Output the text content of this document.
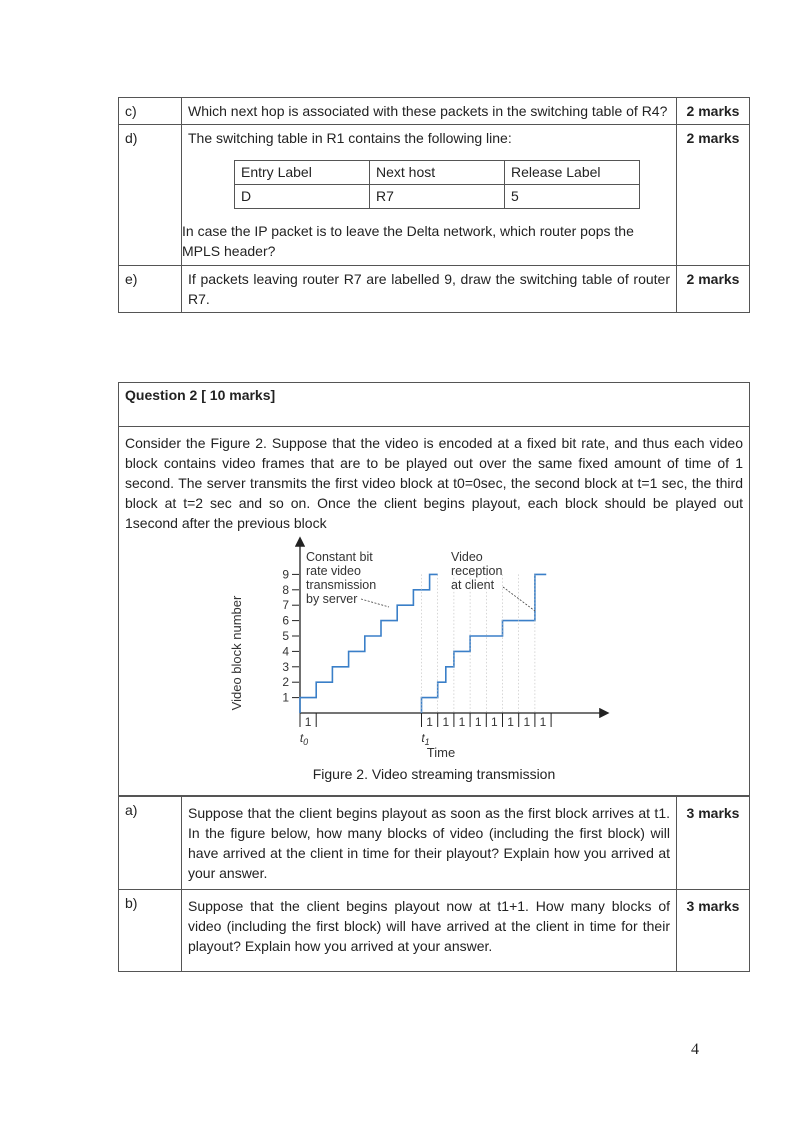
c)	Which next hop is associated with these packets in the switching table of R4?	2 marks
d)	The switching table in R1 contains the following line:
Entry Label	Next host	Release Label
D	R7	5
In case the IP packet is to leave the Delta network, which router pops the MPLS header?
	2 marks
e)	If packets leaving router R7 are labelled 9, draw the switching table of router R7.	2 marks
Question 2 [ 10 marks]
Consider the Figure 2. Suppose that the video is encoded at a fixed bit rate, and thus each video block contains video frames that are to be played out over the same fixed amount of time of 1 second. The server transmits the first video block at t0=0sec, the second block at t=1 sec, the third block at t=2 sec and so on. Once the client begins playout, each block should be played out 1second after the previous block
Video block number
Time
1
2
3
4
5
6
7
8
9
1	1 1 1 1 1 1 1 1
$t_0$	$t_1$
Constant bit rate video transmission by server
Video reception at client
Figure 2. Video streaming transmission
a)	Suppose that the client begins playout as soon as the first block arrives at t1. In the figure below, how many blocks of video (including the first block) will have arrived at the client in time for their playout? Explain how you arrived at your answer.	3 marks
b)	Suppose that the client begins playout now at t1+1. How many blocks of video (including the first block) will have arrived at the client in time for their playout? Explain how you arrived at your answer.	3 marks
4
